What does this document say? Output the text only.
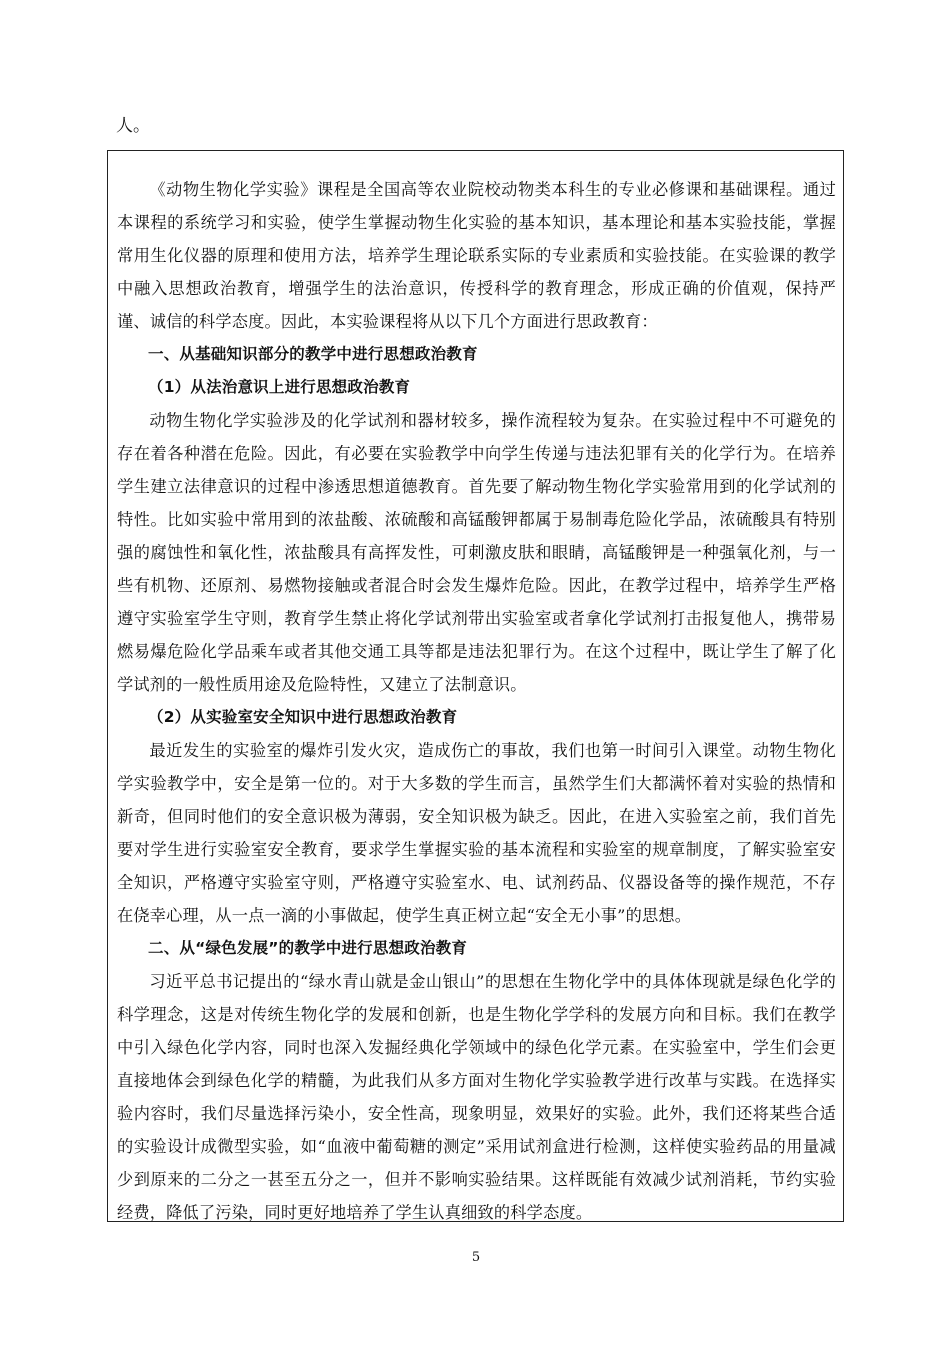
人。

《动物生物化学实验》课程是全国高等农业院校动物类本科生的专业必修课和基础课程。通过本课程的系统学习和实验，使学生掌握动物生化实验的基本知识，基本理论和基本实验技能，掌握常用生化仪器的原理和使用方法，培养学生理论联系实际的专业素质和实验技能。在实验课的教学中融入思想政治教育，增强学生的法治意识，传授科学的教育理念，形成正确的价值观，保持严谨、诚信的科学态度。因此，本实验课程将从以下几个方面进行思政教育：

一、从基础知识部分的教学中进行思想政治教育

（1）从法治意识上进行思想政治教育

动物生物化学实验涉及的化学试剂和器材较多，操作流程较为复杂。在实验过程中不可避免的存在着各种潜在危险。因此，有必要在实验教学中向学生传递与违法犯罪有关的化学行为。在培养学生建立法律意识的过程中渗透思想道德教育。首先要了解动物生物化学实验常用到的化学试剂的特性。比如实验中常用到的浓盐酸、浓硫酸和高锰酸钾都属于易制毒危险化学品，浓硫酸具有特别强的腐蚀性和氧化性，浓盐酸具有高挥发性，可刺激皮肤和眼睛，高锰酸钾是一种强氧化剂，与一些有机物、还原剂、易燃物接触或者混合时会发生爆炸危险。因此，在教学过程中，培养学生严格遵守实验室学生守则，教育学生禁止将化学试剂带出实验室或者拿化学试剂打击报复他人，携带易燃易爆危险化学品乘车或者其他交通工具等都是违法犯罪行为。在这个过程中，既让学生了解了化学试剂的一般性质用途及危险特性，又建立了法制意识。

（2）从实验室安全知识中进行思想政治教育

最近发生的实验室的爆炸引发火灾，造成伤亡的事故，我们也第一时间引入课堂。动物生物化学实验教学中，安全是第一位的。对于大多数的学生而言，虽然学生们大都满怀着对实验的热情和新奇，但同时他们的安全意识极为薄弱，安全知识极为缺乏。因此，在进入实验室之前，我们首先要对学生进行实验室安全教育，要求学生掌握实验的基本流程和实验室的规章制度，了解实验室安全知识，严格遵守实验室守则，严格遵守实验室水、电、试剂药品、仪器设备等的操作规范，不存在侥幸心理，从一点一滴的小事做起，使学生真正树立起“安全无小事”的思想。

二、从“绿色发展”的教学中进行思想政治教育

习近平总书记提出的“绿水青山就是金山银山”的思想在生物化学中的具体体现就是绿色化学的科学理念，这是对传统生物化学的发展和创新，也是生物化学学科的发展方向和目标。我们在教学中引入绿色化学内容，同时也深入发掘经典化学领域中的绿色化学元素。在实验室中，学生们会更直接地体会到绿色化学的精髓，为此我们从多方面对生物化学实验教学进行改革与实践。在选择实验内容时，我们尽量选择污染小，安全性高，现象明显，效果好的实验。此外，我们还将某些合适的实验设计成微型实验，如“血液中葡萄糖的测定”采用试剂盒进行检测，这样使实验药品的用量减少到原来的二分之一甚至五分之一，但并不影响实验结果。这样既能有效减少试剂消耗，节约实验经费，降低了污染，同时更好地培养了学生认真细致的科学态度。

5
